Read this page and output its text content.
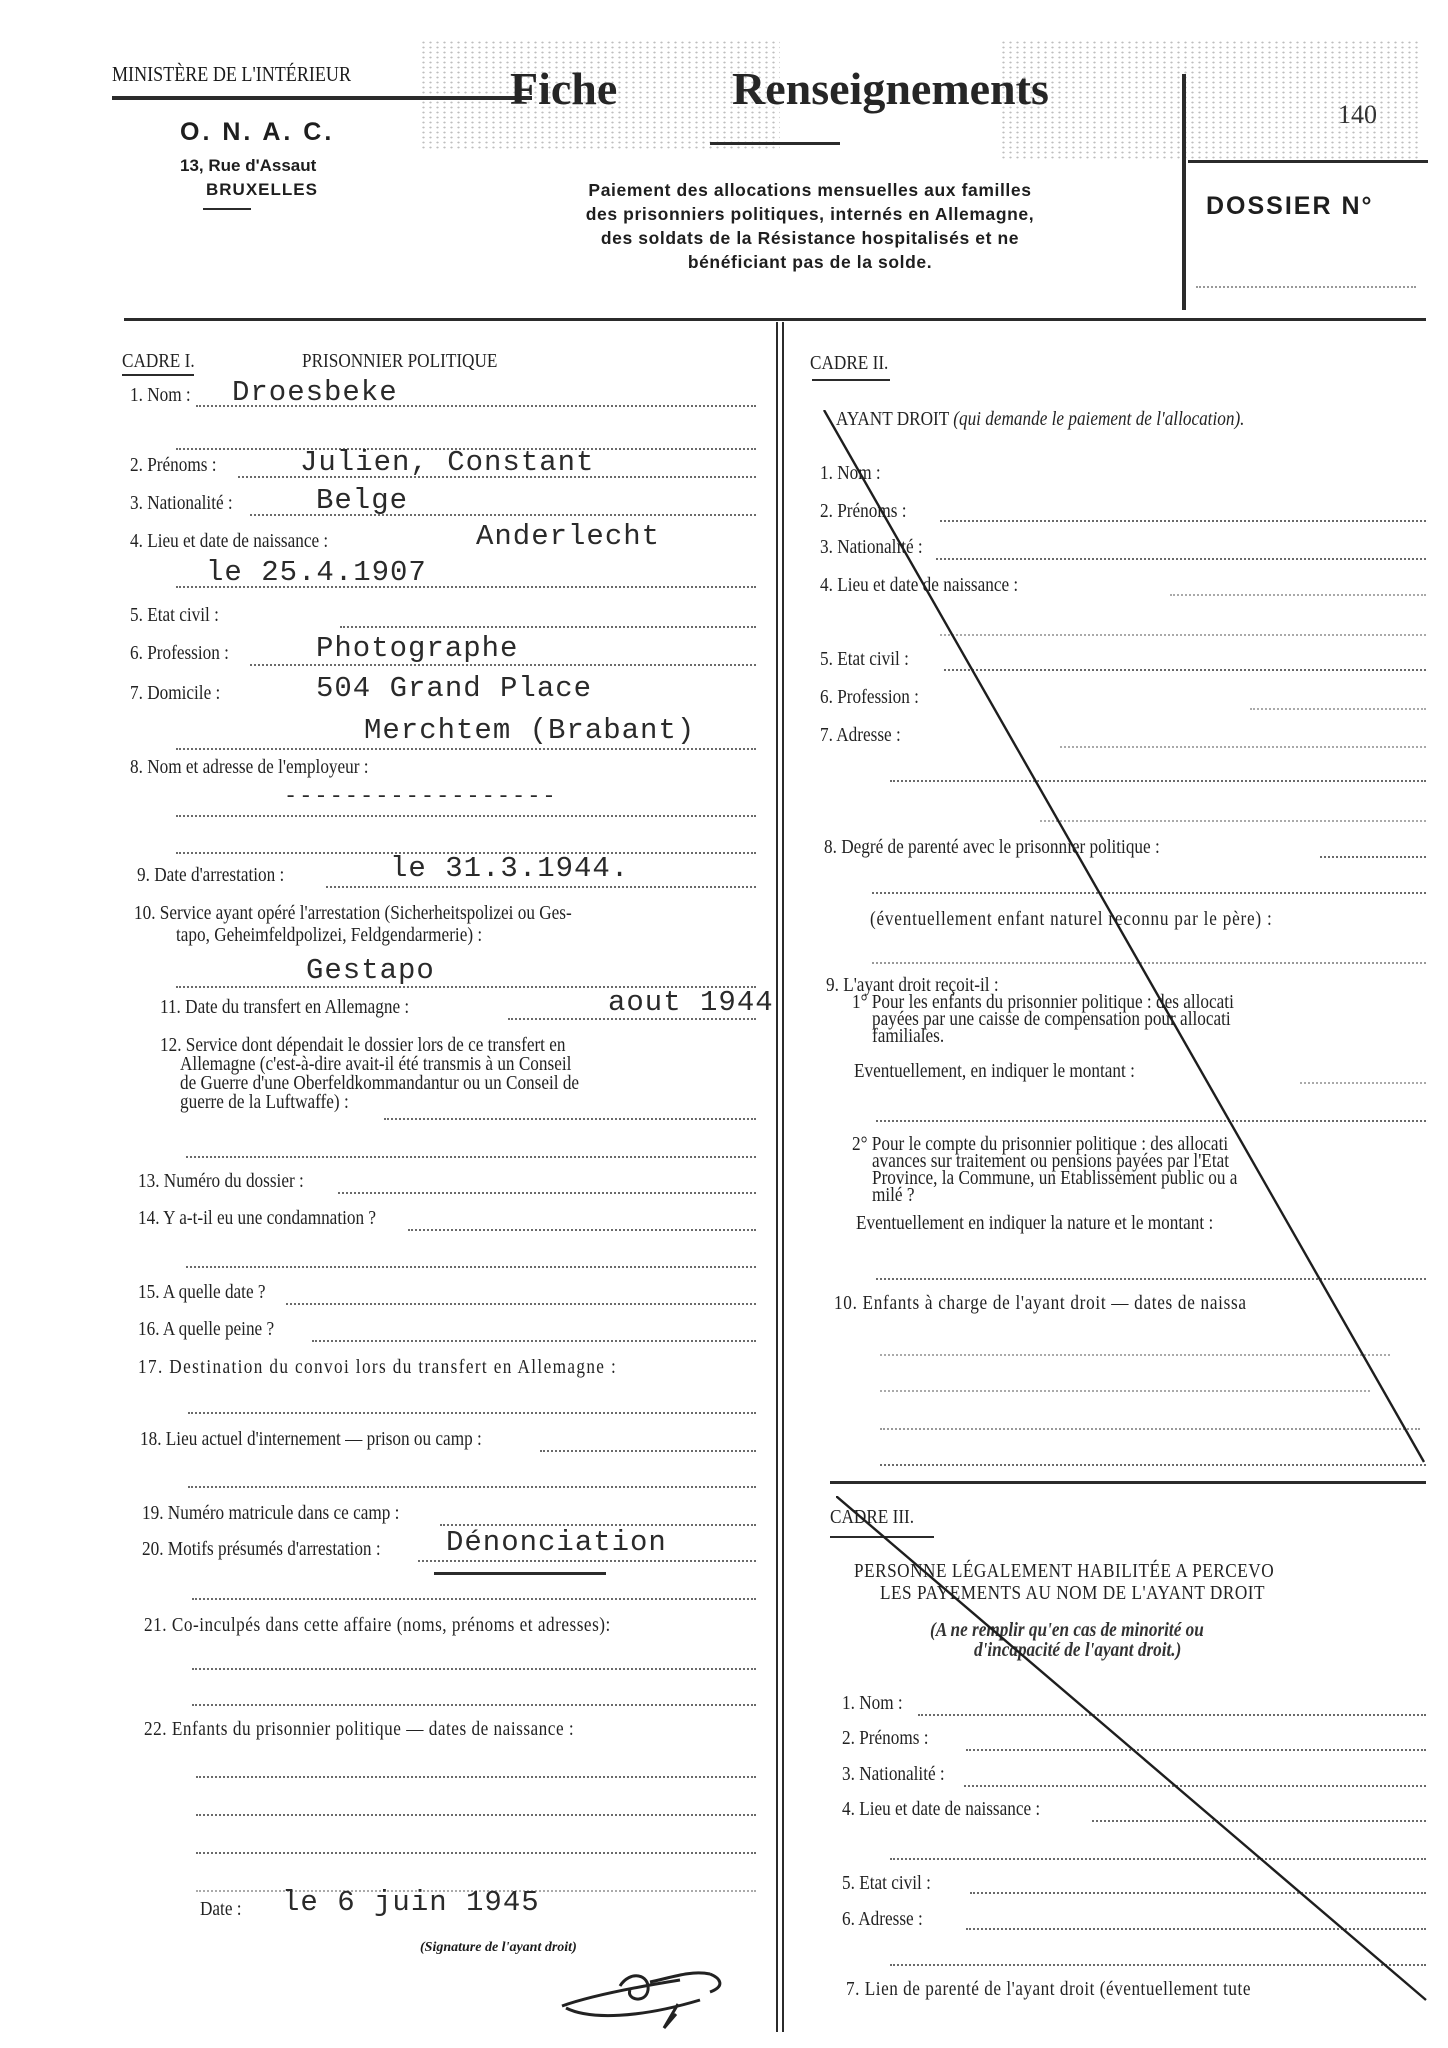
MINISTÈRE DE L'INTÉRIEUR
O. N. A. C.
13, Rue d'Assaut
BRUXELLES
Fiche Renseignements
Paiement des allocations mensuelles aux familles
des prisonniers politiques, internés en Allemagne,
des soldats de la Résistance hospitalisés et ne
bénéficiant pas de la solde.
140
DOSSIER N°
CADRE I.	PRISONNIER POLITIQUE
1. Nom :	Droesbeke
2. Prénoms :	Julien, Constant
3. Nationalité :	Belge
4. Lieu et date de naissance :	Anderlecht
le 25.4.1907
5. Etat civil :
6. Profession :	Photographe
7. Domicile :	504 Grand Place
Merchtem (Brabant)
8. Nom et adresse de l'employeur :
------------------
9. Date d'arrestation :	le 31.3.1944.
10. Service ayant opéré l'arrestation (Sicherheitspolizei ou Ges-
tapo, Geheimfeldpolizei, Feldgendarmerie) :
Gestapo
11. Date du transfert en Allemagne :	aout 1944
12. Service dont dépendait le dossier lors de ce transfert en
Allemagne (c'est-à-dire avait-il été transmis à un Conseil
de Guerre d'une Oberfeldkommandantur ou un Conseil de
guerre de la Luftwaffe) :
13. Numéro du dossier :
14. Y a-t-il eu une condamnation ?
15. A quelle date ?
16. A quelle peine ?
17. Destination du convoi lors du transfert en Allemagne :
18. Lieu actuel d'internement — prison ou camp :
19. Numéro matricule dans ce camp :
20. Motifs présumés d'arrestation :	Dénonciation
21. Co-inculpés dans cette affaire (noms, prénoms et adresses):
22. Enfants du prisonnier politique — dates de naissance :
Date : le 6 juin 1945
(Signature de l'ayant droit)
CADRE II.
AYANT DROIT (qui demande le paiement de l'allocation).
1. Nom :
2. Prénoms :
3. Nationalité :
4. Lieu et date de naissance :
5. Etat civil :
6. Profession :
7. Adresse :
8. Degré de parenté avec le prisonnier politique :
(éventuellement enfant naturel reconnu par le père) :
9. L'ayant droit reçoit-il :
1° Pour les enfants du prisonnier politique : des allocati
payées par une caisse de compensation pour allocati
familiales.
Eventuellement, en indiquer le montant :
2° Pour le compte du prisonnier politique : des allocati
avances sur traitement ou pensions payées par l'Etat
Province, la Commune, un Etablissement public ou a
milé ?
Eventuellement en indiquer la nature et le montant :
10. Enfants à charge de l'ayant droit — dates de naissa
CADRE III.
PERSONNE LÉGALEMENT HABILITÉE A PERCEVO
LES PAYEMENTS AU NOM DE L'AYANT DROIT
(A ne remplir qu'en cas de minorité ou
d'incapacité de l'ayant droit.)
1. Nom :
2. Prénoms :
3. Nationalité :
4. Lieu et date de naissance :
5. Etat civil :
6. Adresse :
7. Lien de parenté de l'ayant droit (éventuellement tute
